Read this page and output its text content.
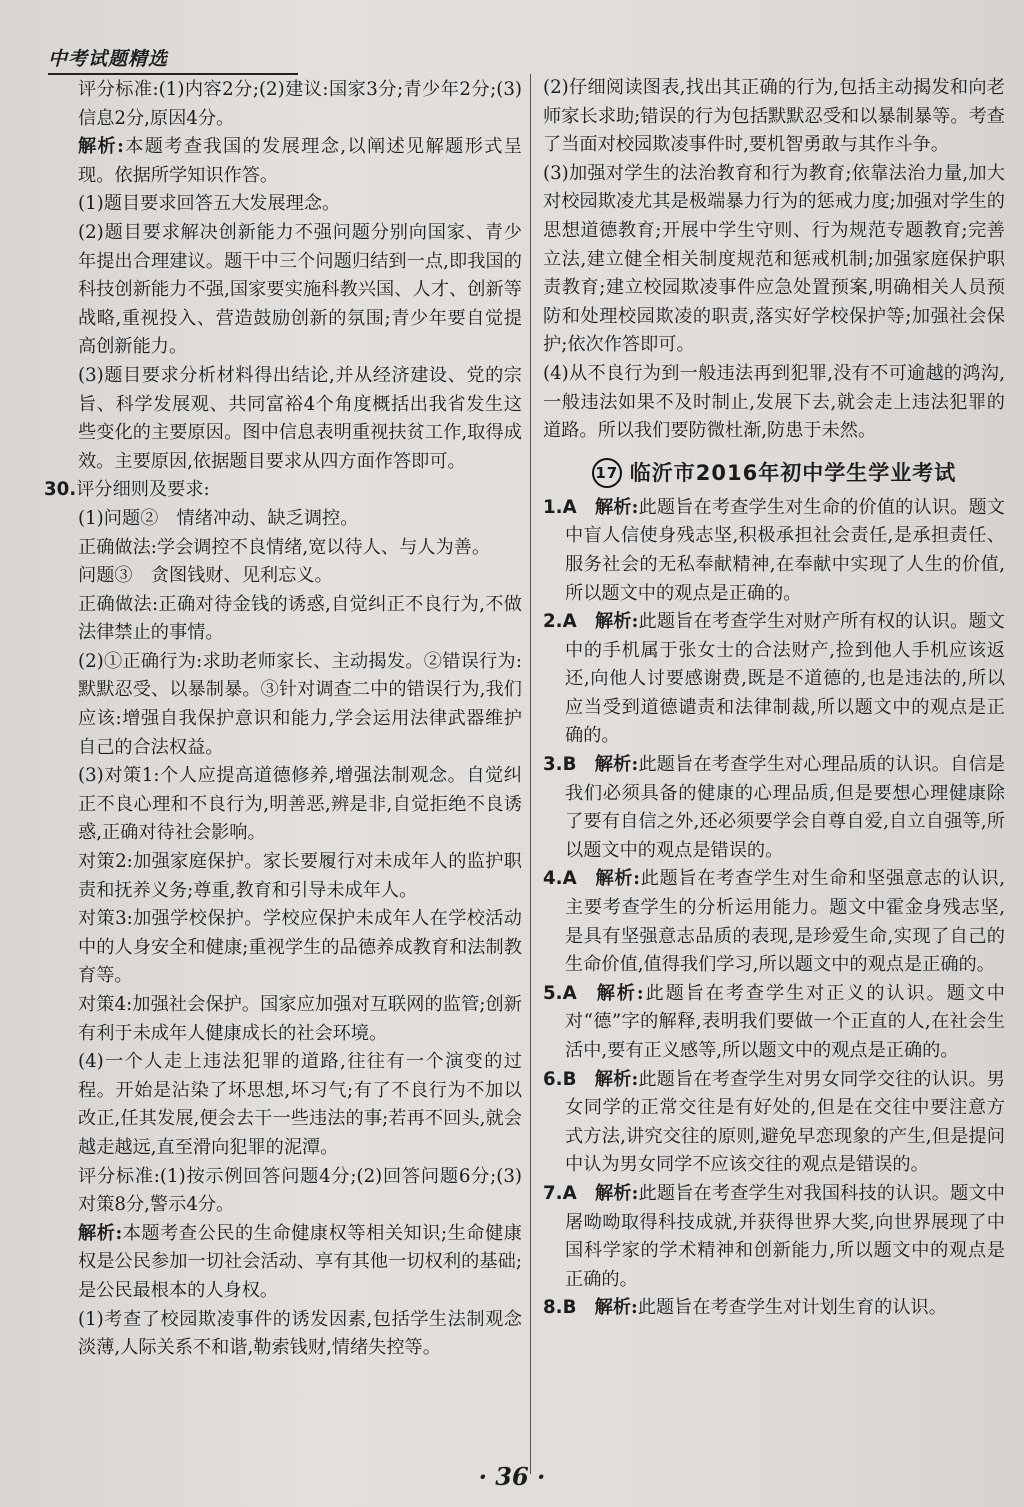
中考试题精选

评分标准:(1)内容2分;(2)建议:国家3分;青少年2分;(3)信息2分,原因4分。

解析:本题考查我国的发展理念,以阐述见解题形式呈现。依据所学知识作答。

(1)题目要求回答五大发展理念。

(2)题目要求解决创新能力不强问题分别向国家、青少年提出合理建议。题干中三个问题归结到一点,即我国的科技创新能力不强,国家要实施科教兴国、人才、创新等战略,重视投入、营造鼓励创新的氛围;青少年要自觉提高创新能力。

(3)题目要求分析材料得出结论,并从经济建设、党的宗旨、科学发展观、共同富裕4个角度概括出我省发生这些变化的主要原因。图中信息表明重视扶贫工作,取得成效。主要原因,依据题目要求从四方面作答即可。

30.评分细则及要求:

(1)问题②　情绪冲动、缺乏调控。

正确做法:学会调控不良情绪,宽以待人、与人为善。

问题③　贪图钱财、见利忘义。

正确做法:正确对待金钱的诱惑,自觉纠正不良行为,不做法律禁止的事情。

(2)①正确行为:求助老师家长、主动揭发。②错误行为:默默忍受、以暴制暴。③针对调查二中的错误行为,我们应该:增强自我保护意识和能力,学会运用法律武器维护自己的合法权益。

(3)对策1:个人应提高道德修养,增强法制观念。自觉纠正不良心理和不良行为,明善恶,辨是非,自觉拒绝不良诱惑,正确对待社会影响。

对策2:加强家庭保护。家长要履行对未成年人的监护职责和抚养义务;尊重,教育和引导未成年人。

对策3:加强学校保护。学校应保护未成年人在学校活动中的人身安全和健康;重视学生的品德养成教育和法制教育等。

对策4:加强社会保护。国家应加强对互联网的监管;创新有利于未成年人健康成长的社会环境。

(4)一个人走上违法犯罪的道路,往往有一个演变的过程。开始是沾染了坏思想,坏习气;有了不良行为不加以改正,任其发展,便会去干一些违法的事;若再不回头,就会越走越远,直至滑向犯罪的泥潭。

评分标准:(1)按示例回答问题4分;(2)回答问题6分;(3)对策8分,警示4分。

解析:本题考查公民的生命健康权等相关知识;生命健康权是公民参加一切社会活动、享有其他一切权利的基础;是公民最根本的人身权。

(1)考查了校园欺凌事件的诱发因素,包括学生法制观念淡薄,人际关系不和谐,勒索钱财,情绪失控等。

(2)仔细阅读图表,找出其正确的行为,包括主动揭发和向老师家长求助;错误的行为包括默默忍受和以暴制暴等。考查了当面对校园欺凌事件时,要机智勇敢与其作斗争。

(3)加强对学生的法治教育和行为教育;依靠法治力量,加大对校园欺凌尤其是极端暴力行为的惩戒力度;加强对学生的思想道德教育;开展中学生守则、行为规范专题教育;完善立法,建立健全相关制度规范和惩戒机制;加强家庭保护职责教育;建立校园欺凌事件应急处置预案,明确相关人员预防和处理校园欺凌的职责,落实好学校保护等;加强社会保护;依次作答即可。

(4)从不良行为到一般违法再到犯罪,没有不可逾越的鸿沟,一般违法如果不及时制止,发展下去,就会走上违法犯罪的道路。所以我们要防微杜渐,防患于未然。

17 临沂市2016年初中学生学业考试

1.A  解析:此题旨在考查学生对生命的价值的认识。题文中盲人信使身残志坚,积极承担社会责任,是承担责任、服务社会的无私奉献精神,在奉献中实现了人生的价值,所以题文中的观点是正确的。

2.A  解析:此题旨在考查学生对财产所有权的认识。题文中的手机属于张女士的合法财产,捡到他人手机应该返还,向他人讨要感谢费,既是不道德的,也是违法的,所以应当受到道德谴责和法律制裁,所以题文中的观点是正确的。

3.B  解析:此题旨在考查学生对心理品质的认识。自信是我们必须具备的健康的心理品质,但是要想心理健康除了要有自信之外,还必须要学会自尊自爱,自立自强等,所以题文中的观点是错误的。

4.A  解析:此题旨在考查学生对生命和坚强意志的认识,主要考查学生的分析运用能力。题文中霍金身残志坚,是具有坚强意志品质的表现,是珍爱生命,实现了自己的生命价值,值得我们学习,所以题文中的观点是正确的。

5.A  解析:此题旨在考查学生对正义的认识。题文中对“德”字的解释,表明我们要做一个正直的人,在社会生活中,要有正义感等,所以题文中的观点是正确的。

6.B  解析:此题旨在考查学生对男女同学交往的认识。男女同学的正常交往是有好处的,但是在交往中要注意方式方法,讲究交往的原则,避免早恋现象的产生,但是提问中认为男女同学不应该交往的观点是错误的。

7.A  解析:此题旨在考查学生对我国科技的认识。题文中屠呦呦取得科技成就,并获得世界大奖,向世界展现了中国科学家的学术精神和创新能力,所以题文中的观点是正确的。

8.B  解析:此题旨在考查学生对计划生育的认识。

· 36 ·
